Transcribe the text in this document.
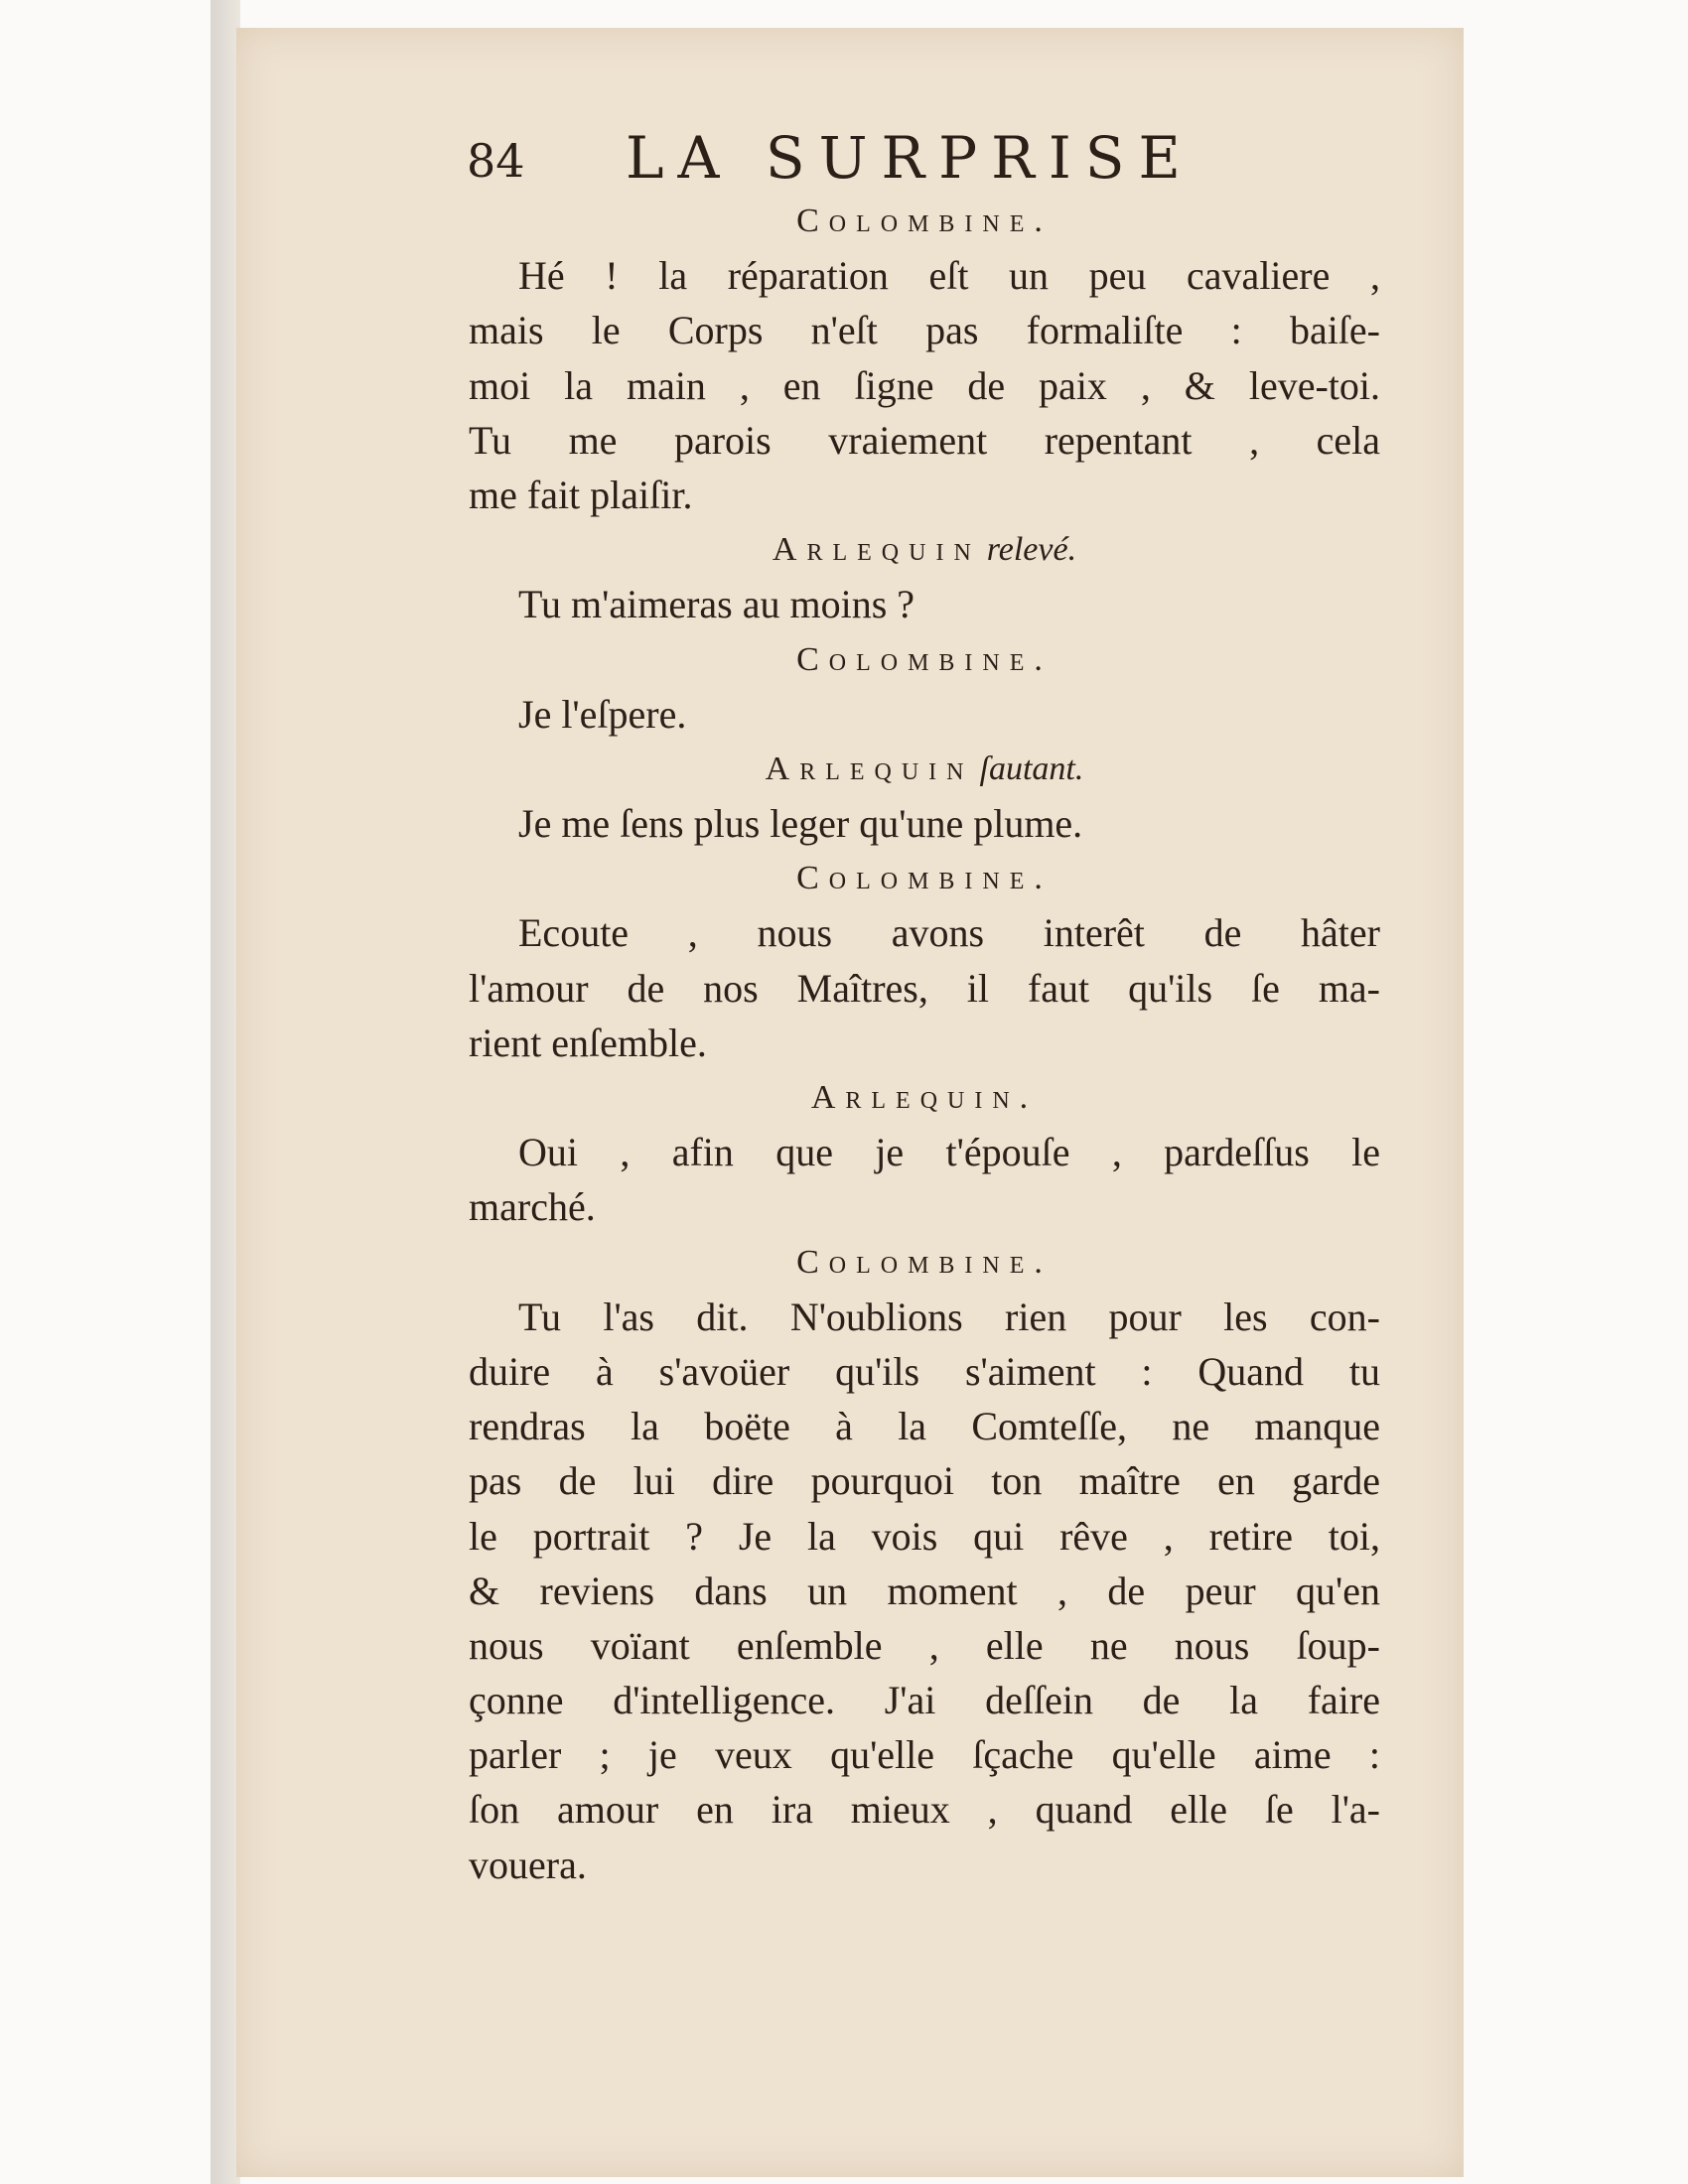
84 LA SURPRISE
Colombine.
Hé ! la réparation eſt un peu cavaliere ,
mais le Corps n'eſt pas formaliſte : baiſe-
moi la main , en ſigne de paix , & leve-toi.
Tu me parois vraiement repentant , cela
me fait plaiſir.
Arlequin relevé.
Tu m'aimeras au moins ?
Colombine.
Je l'eſpere.
Arlequin ſautant.
Je me ſens plus leger qu'une plume.
Colombine.
Ecoute , nous avons interêt de hâter
l'amour de nos Maîtres, il faut qu'ils ſe ma-
rient enſemble.
Arlequin.
Oui , afin que je t'épouſe , pardeſſus le
marché.
Colombine.
Tu l'as dit. N'oublions rien pour les con-
duire à s'avoüer qu'ils s'aiment : Quand tu
rendras la boëte à la Comteſſe, ne manque
pas de lui dire pourquoi ton maître en garde
le portrait ? Je la vois qui rêve , retire toi,
& reviens dans un moment , de peur qu'en
nous voïant enſemble , elle ne nous ſoup-
çonne d'intelligence. J'ai deſſein de la faire
parler ; je veux qu'elle ſçache qu'elle aime :
ſon amour en ira mieux , quand elle ſe l'a-
vouera.
